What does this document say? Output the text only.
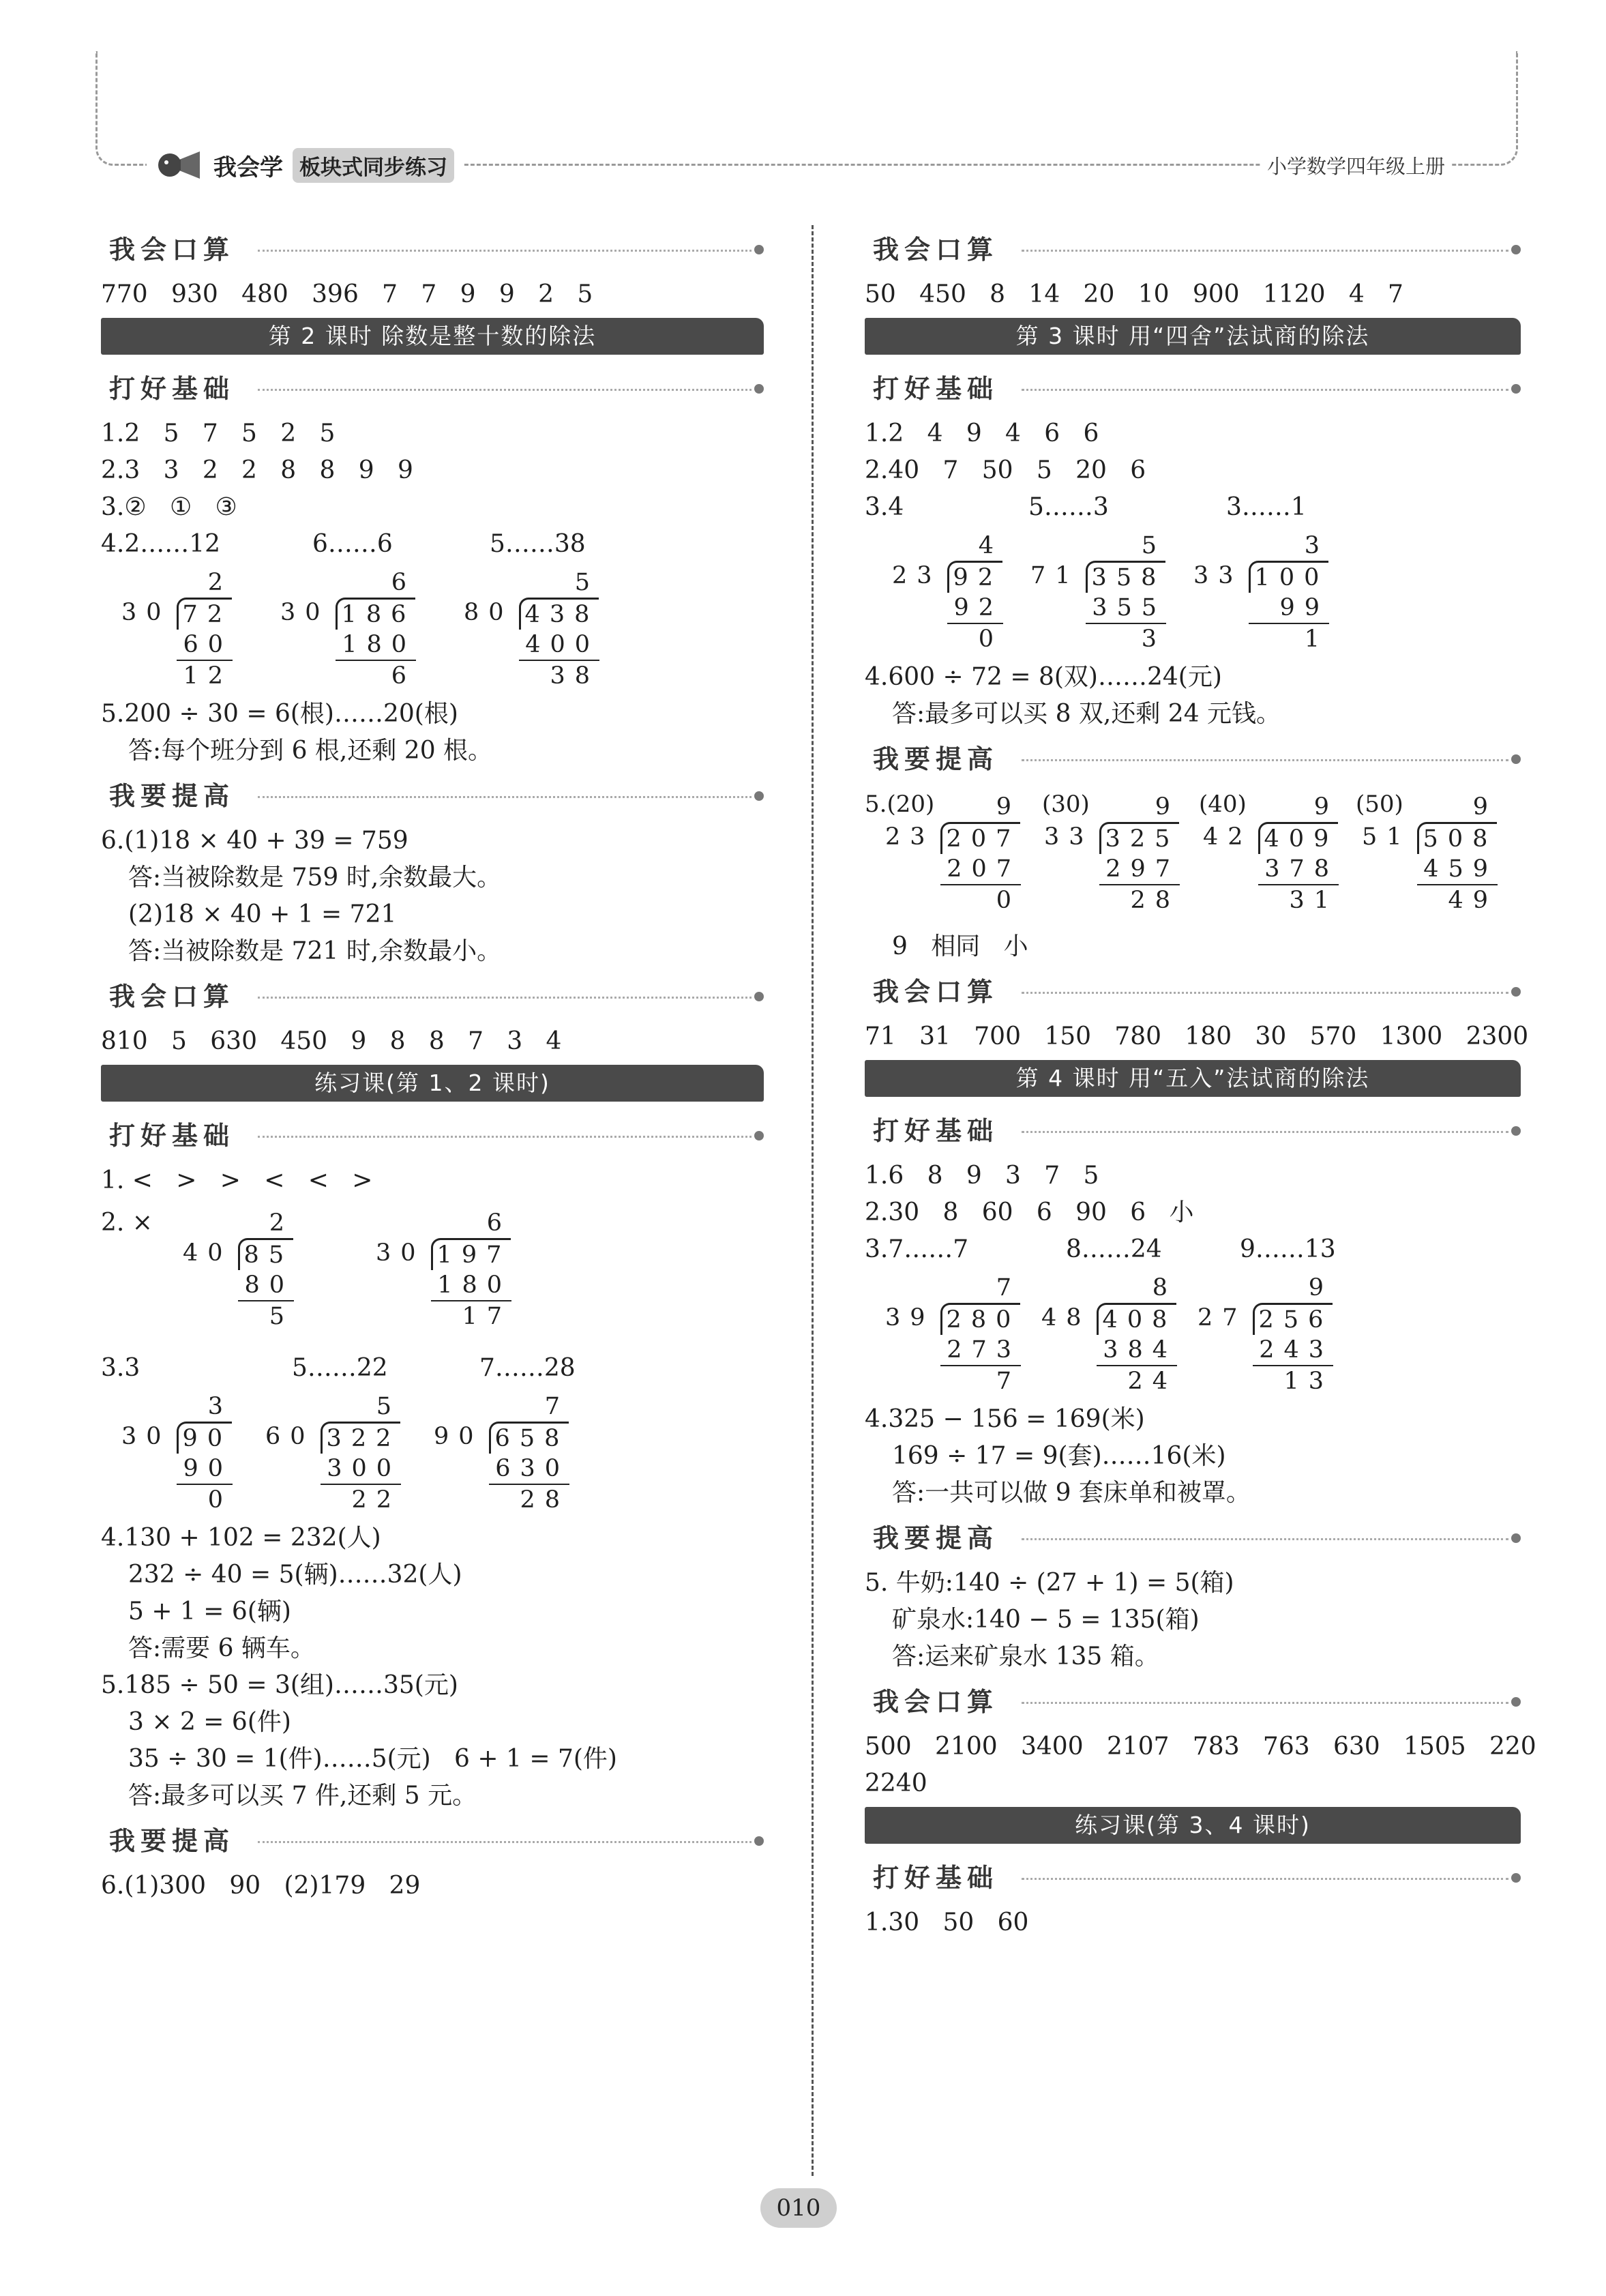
我会学 板块式同步练习	小学数学四年级上册
我会口算
770   930   480   396   7   7   9   9   2   5
第 2 课时 除数是整十数的除法
打好基础
1.2   5   7   5   2   5
2.3   3   2   2   8   8   9   9
3.②   ①   ③
4.2……12	6……6	5……38
2
30 72
60
12
6
30 186
180
6
5
80 438
400
38
5.200 ÷ 30 = 6(根)……20(根)
答:每个班分到 6 根,还剩 20 根。
我要提高
6.(1)18 × 40 + 39 = 759
答:当被除数是 759 时,余数最大。
(2)18 × 40 + 1 = 721
答:当被除数是 721 时,余数最小。
我会口算
810   5   630   450   9   8   8   7   3   4
练习课(第 1、2 课时)
打好基础
1. <   >   >   <   <   >
2. ×	2
40 85
80
5
6
30 197
180
17
3.3	5……22	7……28
3
30 90
90
0
5
60 322
300
22
7
90 658
630
28
4.130 + 102 = 232(人)
232 ÷ 40 = 5(辆)……32(人)
5 + 1 = 6(辆)
答:需要 6 辆车。
5.185 ÷ 50 = 3(组)……35(元)
3 × 2 = 6(件)
35 ÷ 30 = 1(件)……5(元)   6 + 1 = 7(件)
答:最多可以买 7 件,还剩 5 元。
我要提高
6.(1)300   90   (2)179   29
我会口算
50   450   8   14   20   10   900   1120   4   7
第 3 课时 用“四舍”法试商的除法
打好基础
1.2   4   9   4   6   6
2.40   7   50   5   20   6
3.4	5……3	3……1
4
23 92
92
0
5
71 358
355
3
3
33 100
99
1
4.600 ÷ 72 = 8(双)……24(元)
答:最多可以买 8 双,还剩 24 元钱。
我要提高
5.(20)	(30)	(40)	(50)
9
23 207
207
0
9
33 325
297
28
9
42 409
378
31
9
51 508
459
49
9   相同   小
我会口算
71   31   700   150   780   180   30   570   1300   2300
第 4 课时 用“五入”法试商的除法
打好基础
1.6   8   9   3   7   5
2.30   8   60   6   90   6   小
3.7……7	8……24	9……13
7
39 280
273
7
8
48 408
384
24
9
27 256
243
13
4.325 − 156 = 169(米)
169 ÷ 17 = 9(套)……16(米)
答:一共可以做 9 套床单和被罩。
我要提高
5. 牛奶:140 ÷ (27 + 1) = 5(箱)
矿泉水:140 − 5 = 135(箱)
答:运来矿泉水 135 箱。
我会口算
500   2100   3400   2107   783   763   630   1505   220
2240
练习课(第 3、4 课时)
打好基础
1.30   50   60
010
